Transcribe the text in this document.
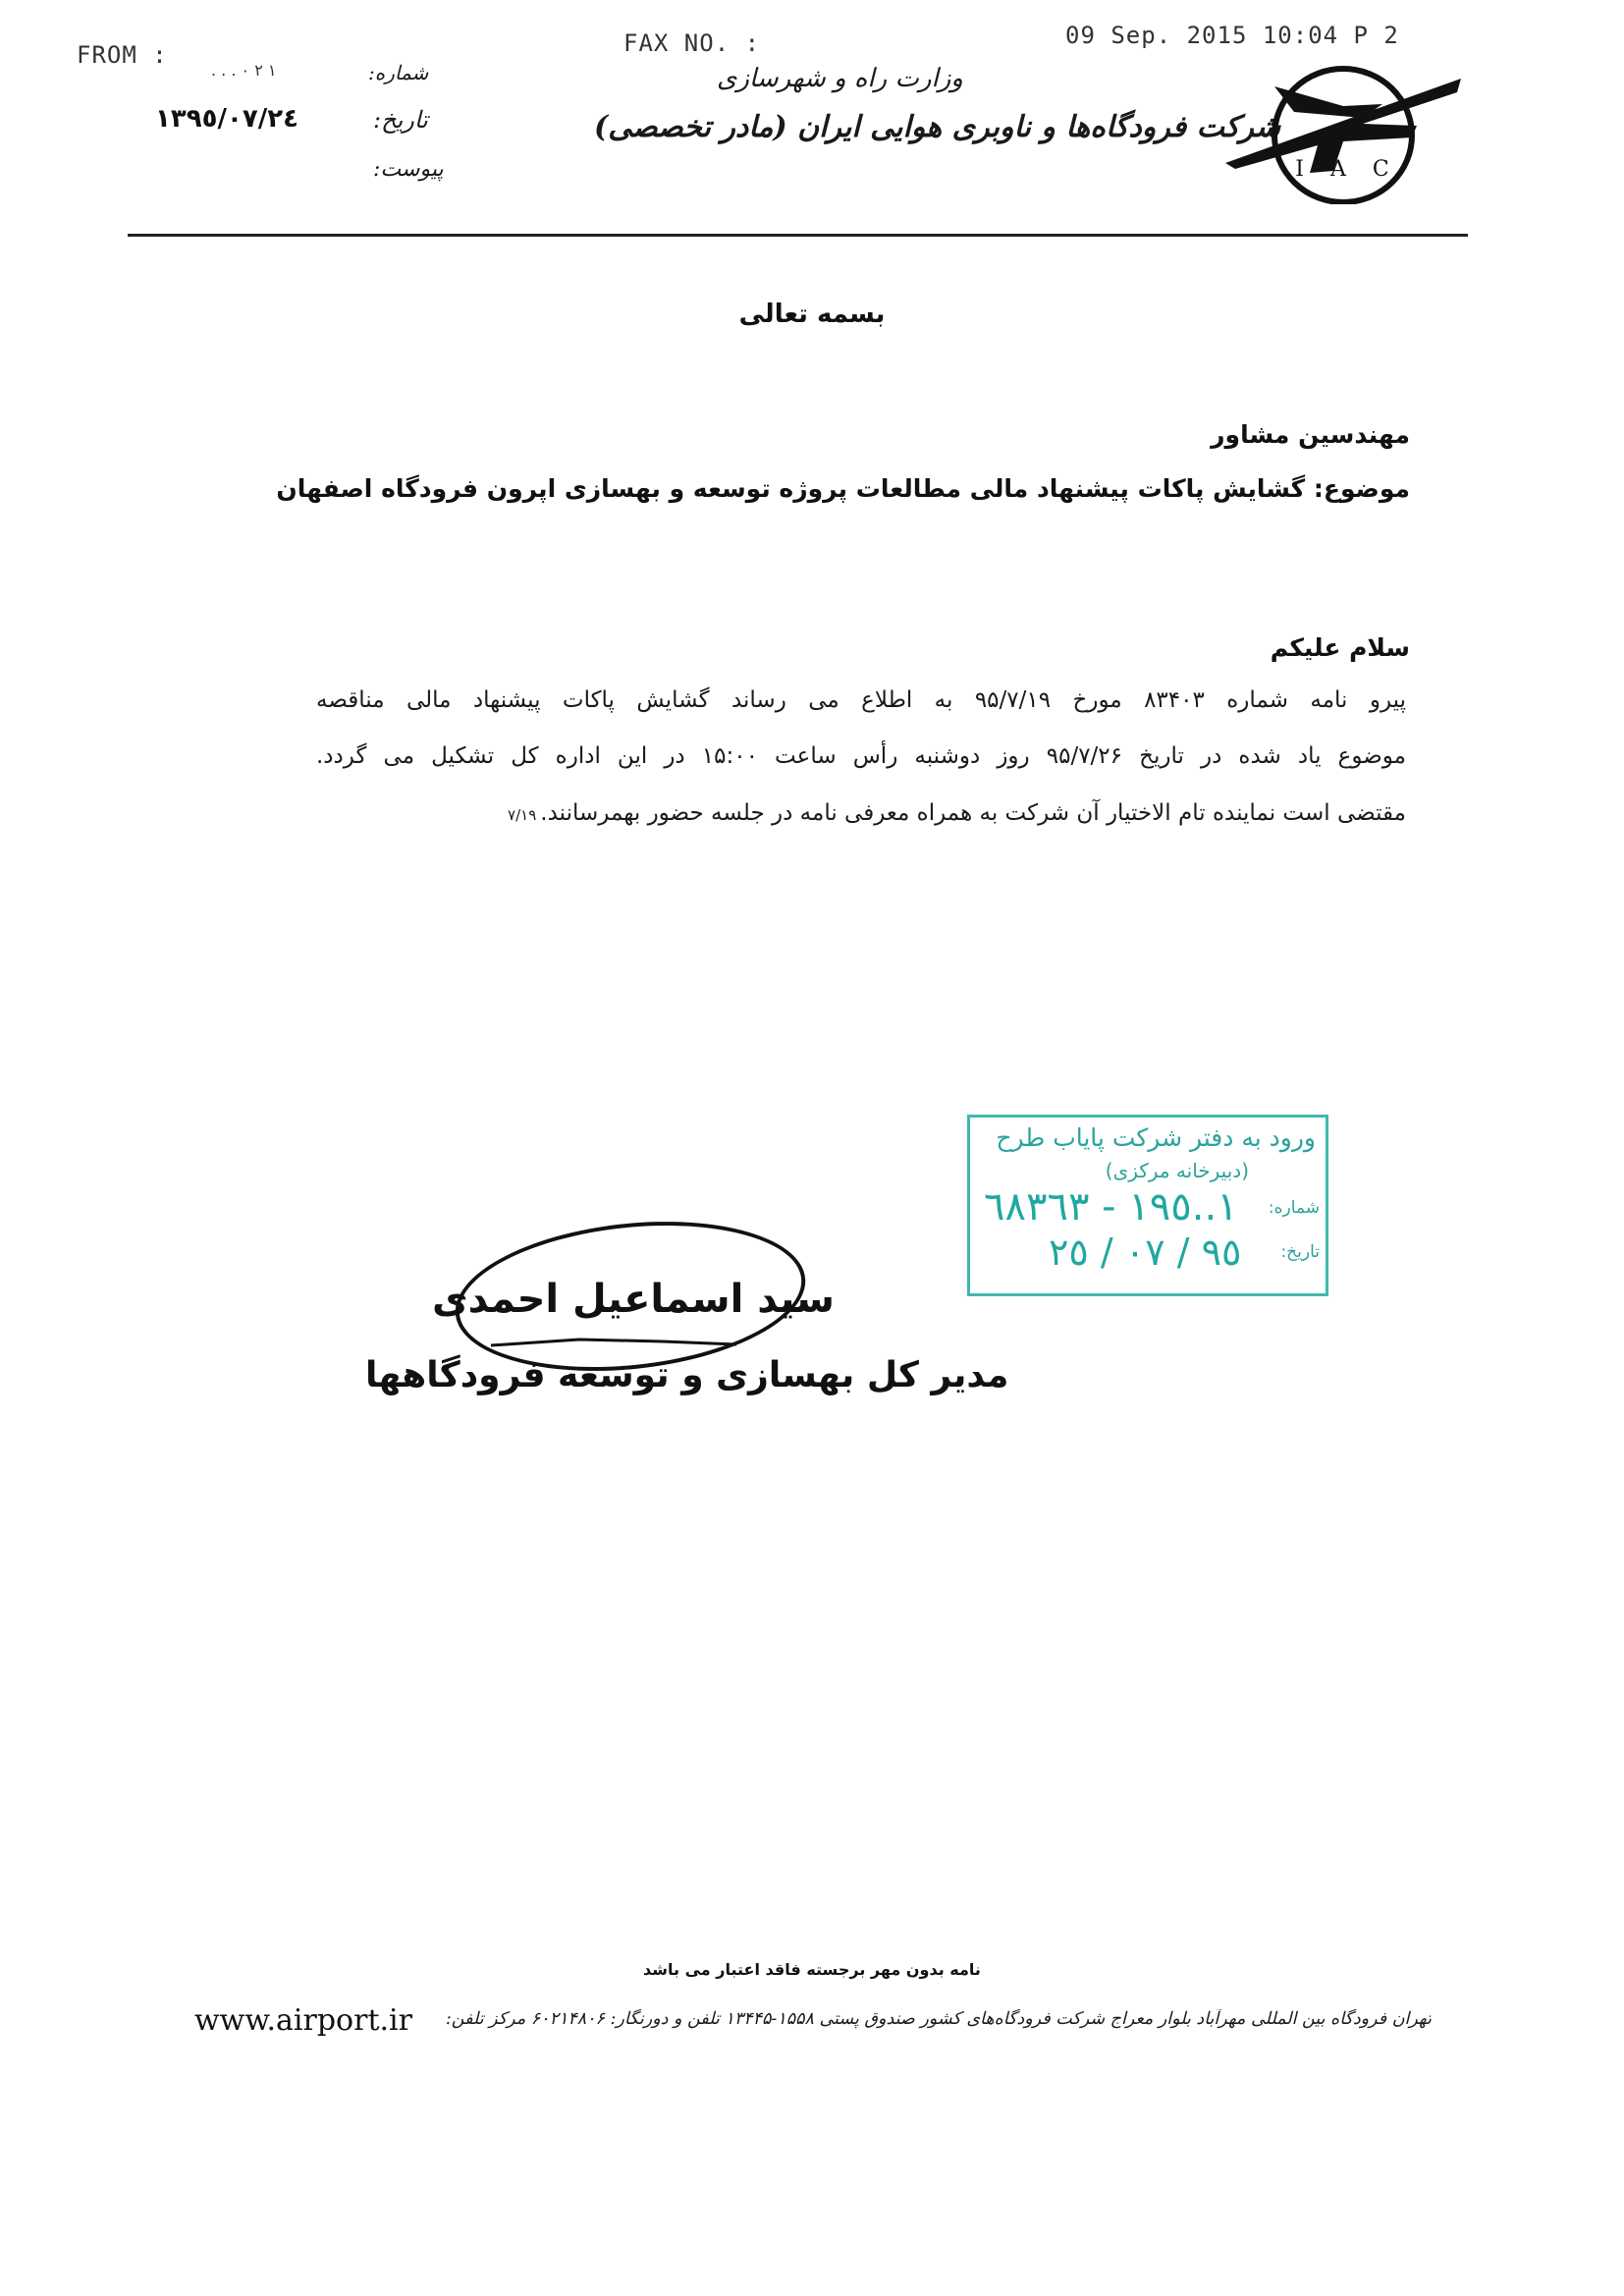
FROM :	FAX NO. :	09 Sep. 2015 10:04 P 2
شماره:
. . . ١ ٢ ٠
تاریخ:
١٣٩٥/٠٧/٢٤
پیوست:
وزارت راه و شهرسازی
شرکت فرودگاه‌ها و ناوبری هوایی ایران (مادر تخصصی)
I A C
بسمه تعالی
مهندسین مشاور
موضوع: گشایش پاکات پیشنهاد مالی مطالعات پروژه توسعه و بهسازی اپرون فرودگاه اصفهان
سلام علیکم
پیرو نامه شماره ۸۳۴۰۳ مورخ ۹۵/۷/۱۹ به اطلاع می رساند گشایش پاکات پیشنهاد مالی مناقصه
موضوع یاد شده در تاریخ ۹۵/۷/۲۶ روز دوشنبه رأس ساعت ۱۵:۰۰ در این اداره کل تشکیل می گردد.
مقتضی است نماینده تام الاختیار آن شرکت به همراه معرفی نامه در جلسه حضور بهمرسانند.۷/۱۹
ورود به دفتر شرکت پایاب طرح
(دبیرخانه مرکزی)
شماره:
١..١٩٥ - ٦٨٣٦٣
تاریخ:
٩٥ / ٠٧ / ٢٥
سید اسماعیل احمدی
مدیر کل بهسازی و توسعه فرودگاهها
نامه بدون مهر برجسته فاقد اعتبار می باشد
www.airport.ir	تهران فرودگاه بین المللی مهرآباد بلوار معراج شرکت فرودگاه‌های کشور صندوق پستی ۱۵۵۸-۱۳۴۴۵ تلفن و دورنگار: ۶۰۲۱۴۸۰۶ مرکز تلفن:
